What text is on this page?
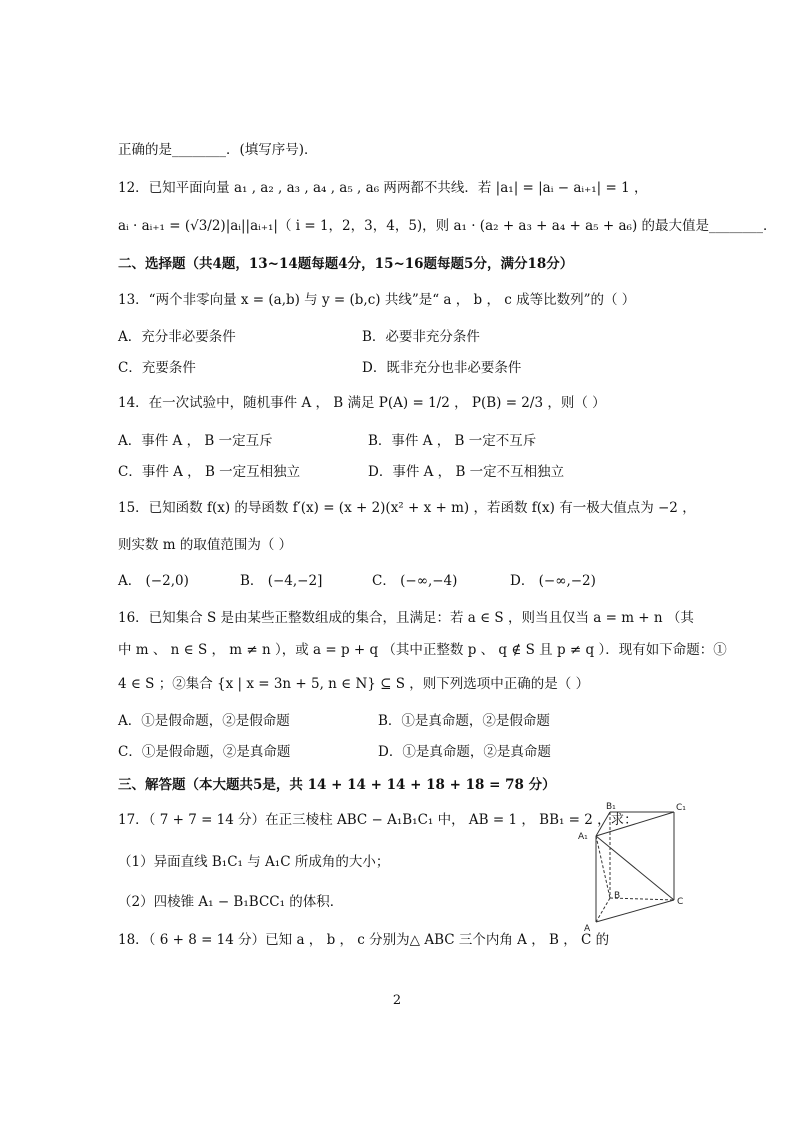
正确的是________．(填写序号)．
12．已知平面向量 a₁ , a₂ , a₃ , a₄ , a₅ , a₆ 两两都不共线．若 |a₁| = |aᵢ − aᵢ₊₁| = 1 ，
aᵢ · aᵢ₊₁ = (√3/2)|aᵢ||aᵢ₊₁|（ i = 1，2，3，4，5)，则 a₁ · (a₂ + a₃ + a₄ + a₅ + a₆) 的最大值是________．
二、选择题（共4题，13~14题每题4分，15~16题每题5分，满分18分）
13．“两个非零向量 x = (a,b) 与 y = (b,c) 共线”是“ a ， b ， c 成等比数列”的（ ）
A．充分非必要条件	B．必要非充分条件
C．充要条件	D．既非充分也非必要条件
14．在一次试验中，随机事件 A ， B 满足 P(A) = 1/2 ， P(B) = 2/3 ，则（ ）
A．事件 A ， B 一定互斥	B．事件 A ， B 一定不互斥
C．事件 A ， B 一定互相独立	D．事件 A ， B 一定不互相独立
15．已知函数 f(x) 的导函数 f′(x) = (x + 2)(x² + x + m) ，若函数 f(x) 有一极大值点为 −2 ，
则实数 m 的取值范围为（ ）
A． (−2,0)	B． (−4,−2]	C． (−∞,−4)	D． (−∞,−2)
16．已知集合 S 是由某些正整数组成的集合，且满足：若 a ∈ S ，则当且仅当 a = m + n （其
中 m 、 n ∈ S ， m ≠ n ），或 a = p + q （其中正整数 p 、 q ∉ S 且 p ≠ q ）．现有如下命题：①
4 ∈ S ；②集合 {x | x = 3n + 5, n ∈ N} ⊆ S ，则下列选项中正确的是（ ）
A．①是假命题，②是假命题	B．①是真命题，②是假命题
C．①是假命题，②是真命题	D．①是真命题，②是真命题
三、解答题（本大题共5是，共 14 + 14 + 14 + 18 + 18 = 78 分）
17．（ 7 + 7 = 14 分）在正三棱柱 ABC − A₁B₁C₁ 中， AB = 1 ， BB₁ = 2 ，求：
（1）异面直线 B₁C₁ 与 A₁C 所成角的大小；
（2）四棱锥 A₁ − B₁BCC₁ 的体积．
18．（ 6 + 8 = 14 分）已知 a ， b ， c 分别为△ ABC 三个内角 A ， B ， C 的
B₁	C₁
A₁
B
C
A
2
